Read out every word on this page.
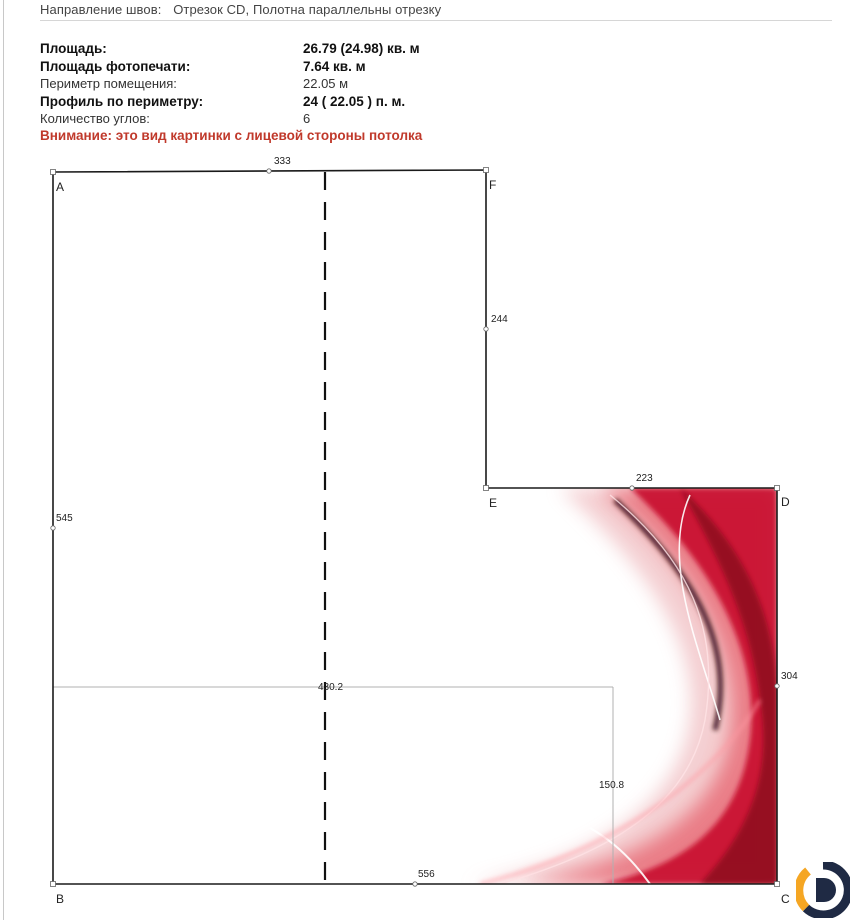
Направление швов: Отрезок CD, Полотна параллельны отрезку
Площадь:	26.79 (24.98) кв. м
Площадь фотопечати:	7.64 кв. м
Периметр помещения:	22.05 м
Профиль по периметру:	24 ( 22.05 ) п. м.
Количество углов:	6
Внимание: это вид картинки с лицевой стороны потолка
A
B	C
D
E
F
333
244
223
304
556
545
430.2
150.8
